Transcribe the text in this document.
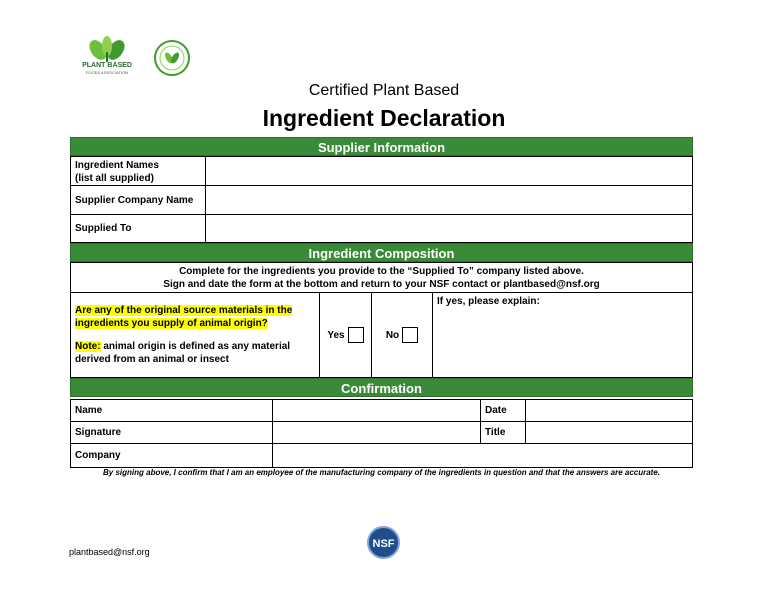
PLANT BASED
FOODS ASSOCIATION
Certified Plant Based
Ingredient Declaration
Supplier Information
Ingredient Names
(list all supplied)
Supplier Company Name
Supplied To
Ingredient Composition
Complete for the ingredients you provide to the “Supplied To” company listed above.
Sign and date the form at the bottom and return to your NSF contact or plantbased@nsf.org
Are any of the original source materials in the ingredients you supply of animal origin?
Note: animal origin is defined as any material derived from an animal or insect
Yes	No
If yes, please explain:
Confirmation
Name	Date
Signature	Title
Company
By signing above, I confirm that I am an employee of the manufacturing company of the ingredients in question and that the answers are accurate.
NSF
plantbased@nsf.org
